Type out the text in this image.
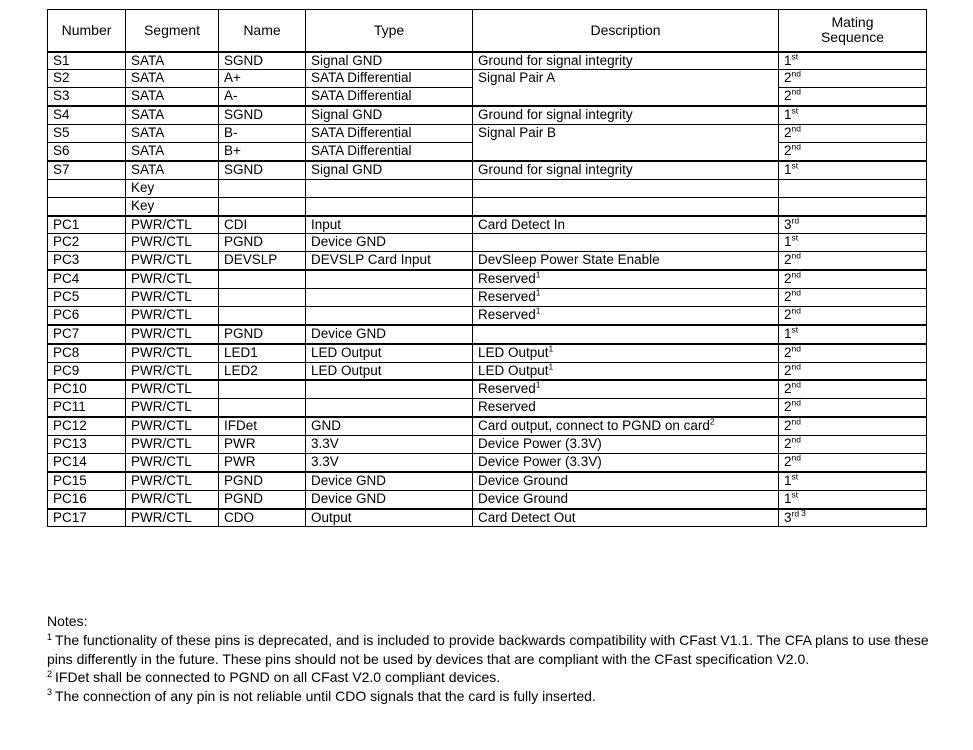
Number	Segment	Name	Type	Description	Mating
Sequence
S1	SATA	SGND	Signal GND	Ground for signal integrity	1st
S2	SATA	A+	SATA Differential	Signal Pair A	2nd
S3	SATA	A-	SATA Differential		2nd
S4	SATA	SGND	Signal GND	Ground for signal integrity	1st
S5	SATA	B-	SATA Differential	Signal Pair B	2nd
S6	SATA	B+	SATA Differential		2nd
S7	SATA	SGND	Signal GND	Ground for signal integrity	1st
	Key				
	Key				
PC1	PWR/CTL	CDI	Input	Card Detect In	3rd
PC2	PWR/CTL	PGND	Device GND		1st
PC3	PWR/CTL	DEVSLP	DEVSLP Card Input	DevSleep Power State Enable	2nd
PC4	PWR/CTL			Reserved$^1$	2nd
PC5	PWR/CTL			Reserved$^1$	2nd
PC6	PWR/CTL			Reserved$^1$	2nd
PC7	PWR/CTL	PGND	Device GND		1st
PC8	PWR/CTL	LED1	LED Output	LED Output$^1$	2nd
PC9	PWR/CTL	LED2	LED Output	LED Output$^1$	2nd
PC10	PWR/CTL			Reserved$^1$	2nd
PC11	PWR/CTL			Reserved	2nd
PC12	PWR/CTL	IFDet	GND	Card output, connect to PGND on card$^2$	2nd
PC13	PWR/CTL	PWR	3.3V	Device Power (3.3V)	2nd
PC14	PWR/CTL	PWR	3.3V	Device Power (3.3V)	2nd
PC15	PWR/CTL	PGND	Device GND	Device Ground	1st
PC16	PWR/CTL	PGND	Device GND	Device Ground	1st
PC17	PWR/CTL	CDO	Output	Card Detect Out	3rd $^3$

Notes:

$^1$ The functionality of these pins is deprecated, and is included to provide backwards compatibility with CFast V1.1. The CFA plans to use these pins differently in the future. These pins should not be used by devices that are compliant with the CFast specification V2.0.

$^2$ IFDet shall be connected to PGND on all CFast V2.0 compliant devices.

$^3$ The connection of any pin is not reliable until CDO signals that the card is fully inserted.
